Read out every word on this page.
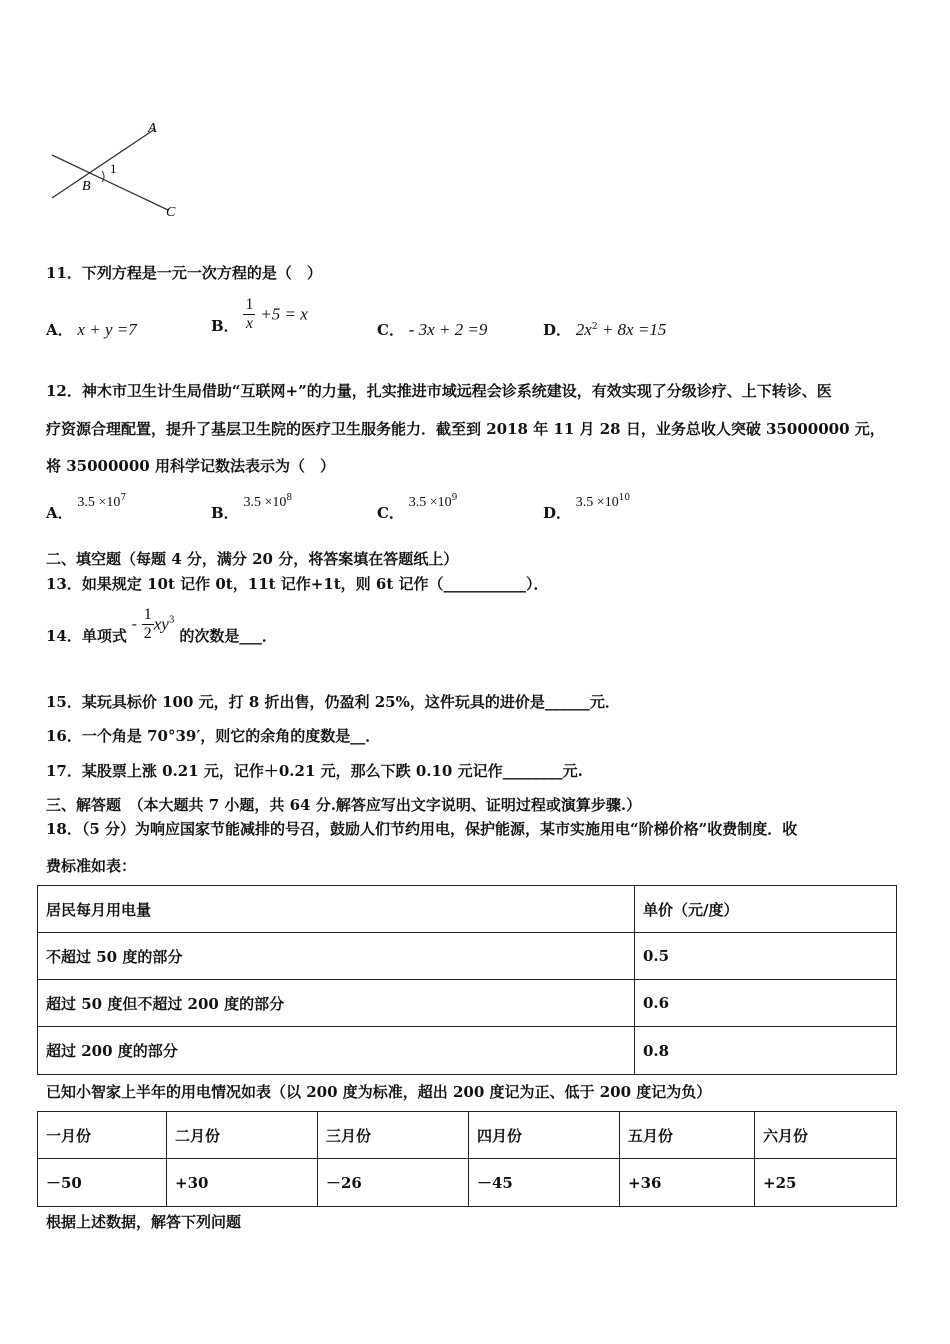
A
B
C
1
11．下列方程是一元一次方程的是（　）
A． x + y =7	B． $\frac{1}{x} +5 = x$
C． - 3x + 2 =9	D． $2x^2 + 8x =15$
12．神木市卫生计生局借助“互联网+”的力量，扎实推进市域远程会诊系统建设，有效实现了分级诊疗、上下转诊、医
疗资源合理配置，提升了基层卫生院的医疗卫生服务能力．截至到 2018 年 11 月 28 日，业务总收人突破 35000000 元，
将 35000000 用科学记数法表示为（　）
A． $3.5 \times 10^7$
B． $3.5 \times 10^8$
C． $3.5 \times 10^9$
D． $3.5 \times 10^{10}$
二、填空题（每题 4 分，满分 20 分，将答案填在答题纸上）
13．如果规定 10t 记作 0t，11t 记作+1t，则 6t 记作（___________）．
14．单项式 - $\frac{1}{2} xy^3$ 的次数是___．
15．某玩具标价 100 元，打 8 折出售，仍盈利 25%，这件玩具的进价是______元．
16．一个角是 70°39′，则它的余角的度数是__．
17．某股票上涨 0.21 元，记作＋0.21 元，那么下跌 0.10 元记作________元.
三、解答题　（本大题共 7 小题，共 64 分.解答应写出文字说明、证明过程或演算步骤.）
18．（5 分）为响应国家节能减排的号召，鼓励人们节约用电，保护能源，某市实施用电“阶梯价格”收费制度．收
费标准如表：
居民每月用电量	单价（元/度）
不超过 50 度的部分	0.5
超过 50 度但不超过 200 度的部分	0.6
超过 200 度的部分	0.8
已知小智家上半年的用电情况如表（以 200 度为标准，超出 200 度记为正、低于 200 度记为负）
一月份	二月份	三月份	四月份	五月份	六月份
－50	+30	－26	－45	+36	+25
根据上述数据，解答下列问题
